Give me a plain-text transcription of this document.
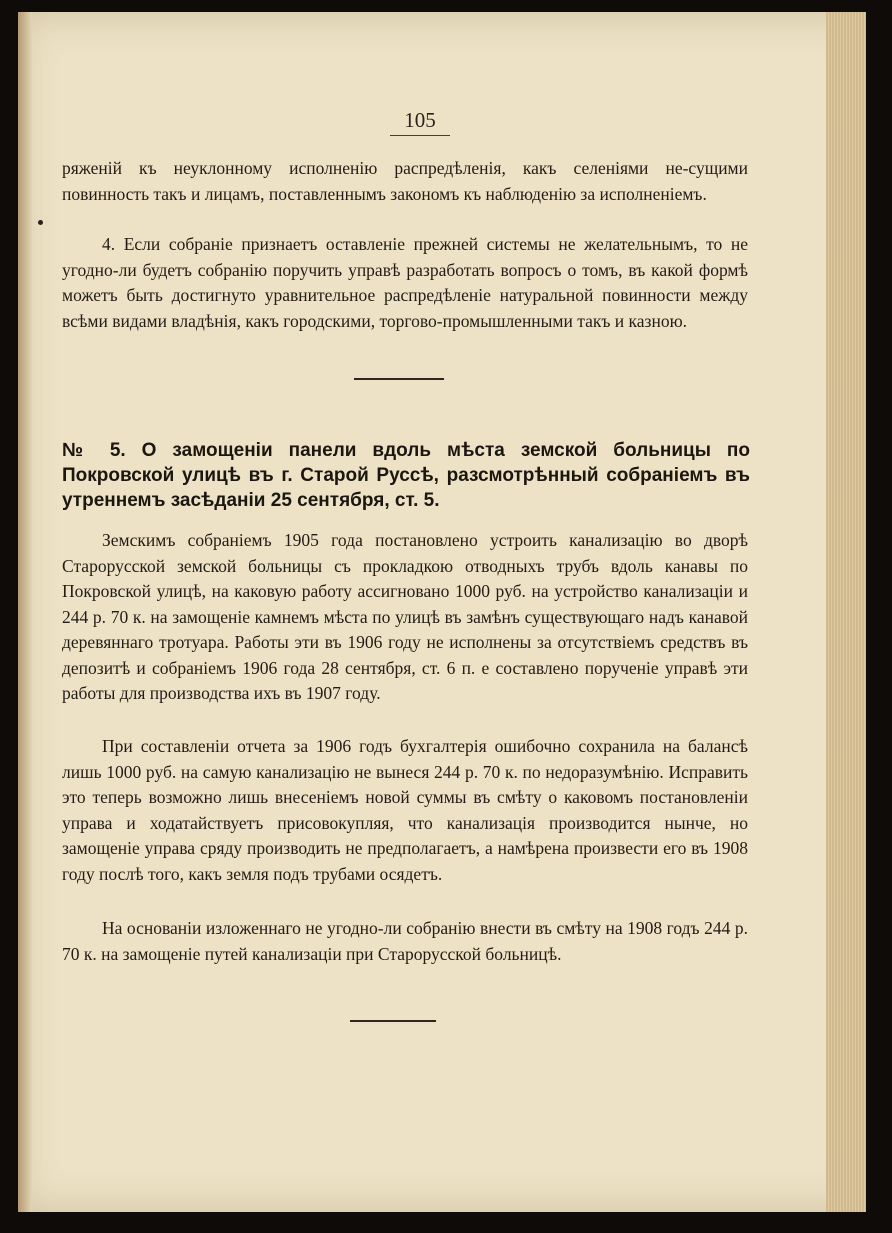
105

ряженій къ неуклонному исполненію распредѣленія, какъ селеніями не-сущими повинность такъ и лицамъ, поставленнымъ закономъ къ наблюденію за исполненіемъ.

4. Если собраніе признаетъ оставленіе прежней системы не желательнымъ, то не угодно-ли будетъ собранію поручить управѣ разработать вопросъ о томъ, въ какой формѣ можетъ быть достигнуто уравнительное распредѣленіе натуральной повинности между всѣми видами владѣнія, какъ городскими, торгово-промышленными такъ и казною.

№ 5. О замощеніи панели вдоль мѣста земской больницы по Покровской улицѣ въ г. Старой Руссѣ, разсмотрѣнный собраніемъ въ утреннемъ засѣданіи 25 сентября, ст. 5.

Земскимъ собраніемъ 1905 года постановлено устроить канализацію во дворѣ Старорусской земской больницы съ прокладкою отводныхъ трубъ вдоль канавы по Покровской улицѣ, на каковую работу ассигновано 1000 руб. на устройство канализаціи и 244 р. 70 к. на замощеніе камнемъ мѣста по улицѣ въ замѣнъ существующаго надъ канавой деревяннаго тротуара. Работы эти въ 1906 году не исполнены за отсутствіемъ средствъ въ депозитѣ и собраніемъ 1906 года 28 сентября, ст. 6 п. е составлено порученіе управѣ эти работы для производства ихъ въ 1907 году.

При составленіи отчета за 1906 годъ бухгалтерія ошибочно сохранила на балансѣ лишь 1000 руб. на самую канализацію не вынеся 244 р. 70 к. по недоразумѣнію. Исправить это теперь возможно лишь внесеніемъ новой суммы въ смѣту о каковомъ постановленіи управа и ходатайствуетъ присовокупляя, что канализація производится нынче, но замощеніе управа сряду производить не предполагаетъ, а намѣрена произвести его въ 1908 году послѣ того, какъ земля подъ трубами осядетъ.

На основаніи изложеннаго не угодно-ли собранію внести въ смѣту на 1908 годъ 244 р. 70 к. на замощеніе путей канализаціи при Старорусской больницѣ.
